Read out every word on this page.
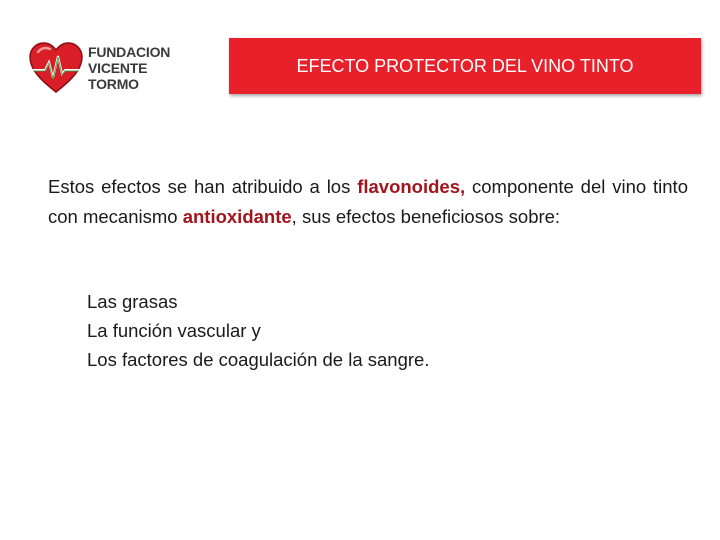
FUNDACION
VICENTE TORMO
EFECTO PROTECTOR DEL VINO TINTO
Estos efectos se han atribuido a los flavonoides, componente del vino tinto con mecanismo antioxidante, sus efectos beneficiosos sobre:
Las grasas
La función vascular y
Los factores de coagulación de la sangre.
